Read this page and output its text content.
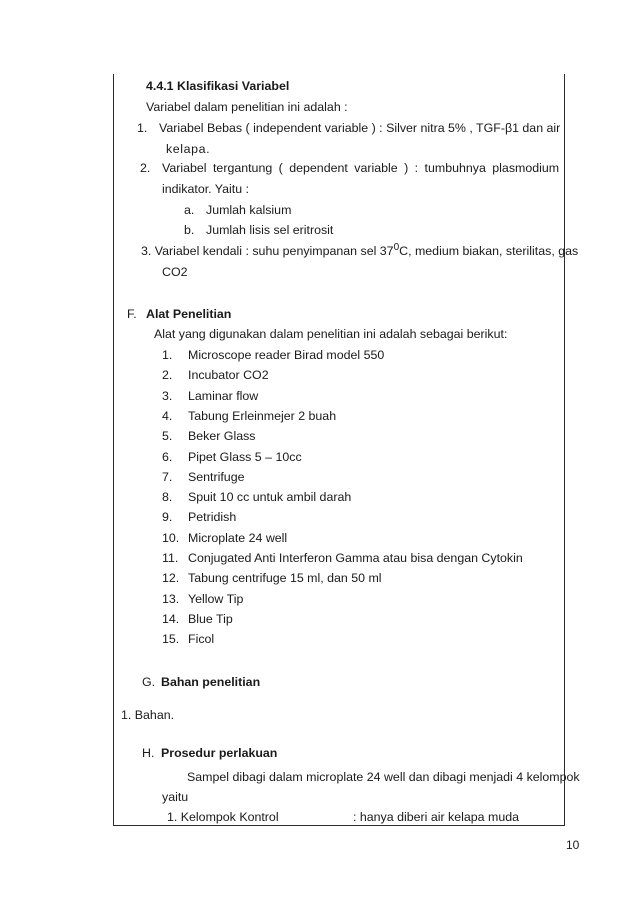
4.4.1 Klasifikasi Variabel
Variabel dalam penelitian ini adalah :
1. Variabel Bebas ( independent variable ) : Silver nitra 5% , TGF-β1 dan air
kelapa.
2. Variabel tergantung ( dependent variable ) : tumbuhnya plasmodium
indikator. Yaitu :
a. Jumlah kalsium
b. Jumlah lisis sel eritrosit
3. Variabel kendali : suhu penyimpanan sel $37^0C$, medium biakan, sterilitas, gas
CO2
F. Alat Penelitian
Alat yang digunakan dalam penelitian ini adalah sebagai berikut:
1. Microscope reader Birad model 550
2. Incubator CO2
3. Laminar flow
4. Tabung Erleinmejer 2 buah
5. Beker Glass
6. Pipet Glass 5 – 10cc
7. Sentrifuge
8. Spuit 10 cc untuk ambil darah
9. Petridish
10. Microplate 24 well
11. Conjugated Anti Interferon Gamma atau bisa dengan Cytokin
12. Tabung centrifuge 15 ml, dan 50 ml
13. Yellow Tip
14. Blue Tip
15. Ficol
G. Bahan penelitian
1. Bahan.
H. Prosedur perlakuan
Sampel dibagi dalam microplate 24 well dan dibagi menjadi 4 kelompok
yaitu
1. Kelompok Kontrol	: hanya diberi air kelapa muda
10
